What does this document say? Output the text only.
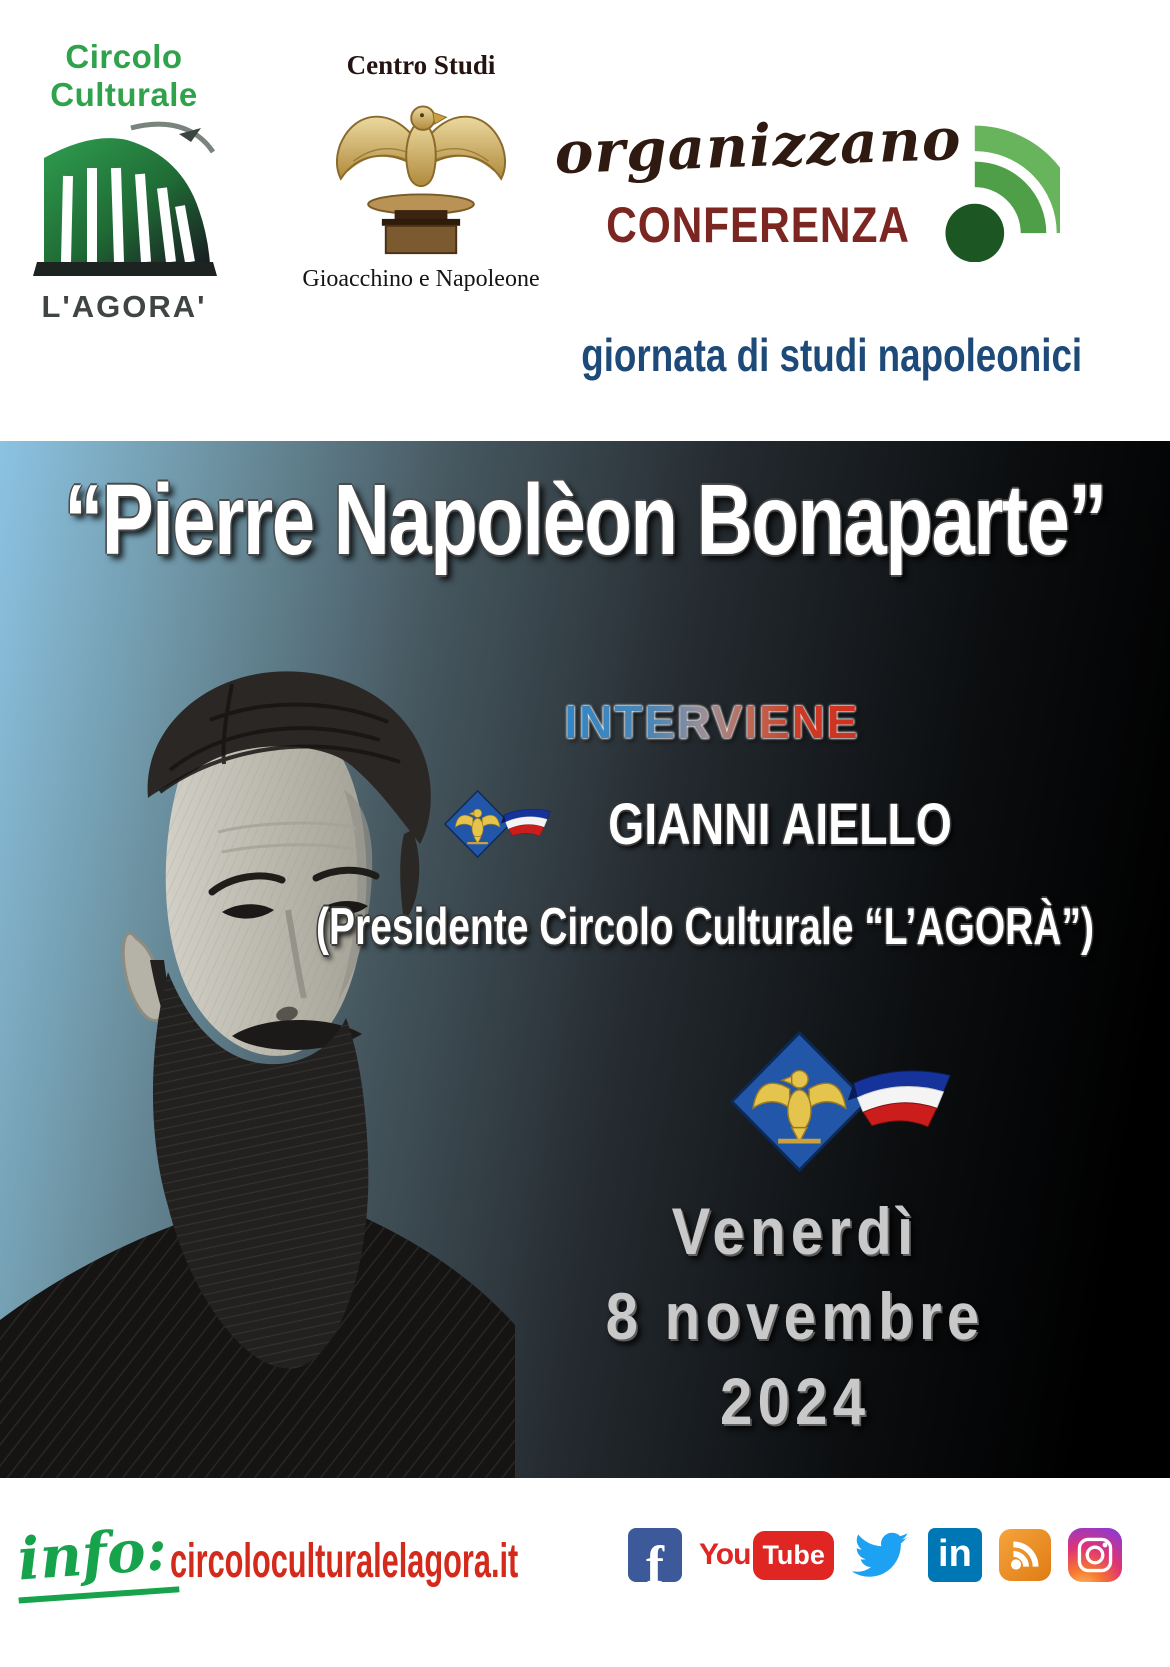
Circolo
Culturale
L'AGORA'
Centro Studi
Gioacchino e Napoleone
organizzano
CONFERENZA
giornata di studi napoleonici
“Pierre Napolèon Bonaparte”
INTERVIENE
GIANNI AIELLO
(Presidente Circolo Culturale “L’AGORÀ”)
Venerdì
8 novembre
2024
info: circoloculturalelagora.it	f You Tube	in
